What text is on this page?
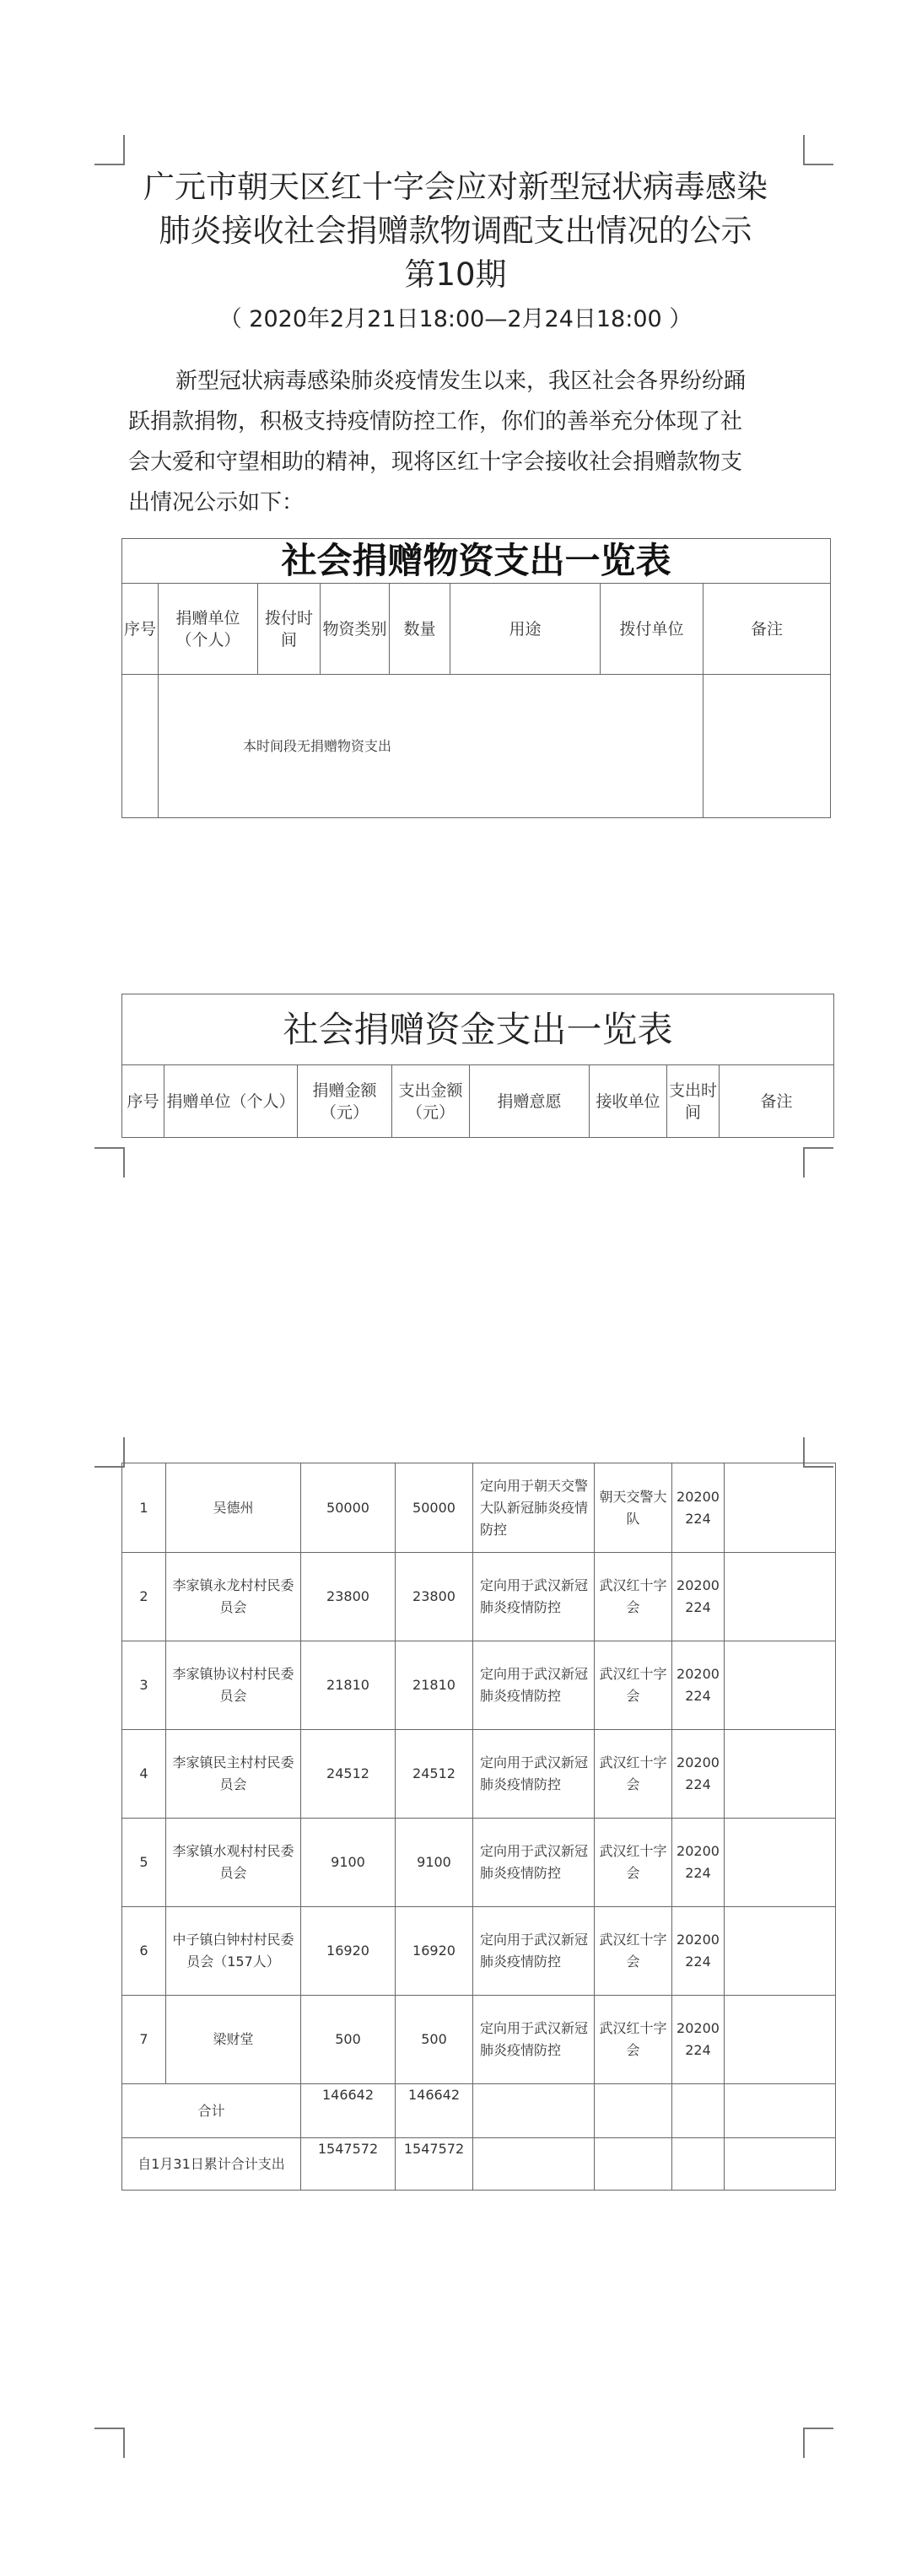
广元市朝天区红十字会应对新型冠状病毒感染
肺炎接收社会捐赠款物调配支出情况的公示
第10期
（ 2020年2月21日18:00—2月24日18:00 ）
新型冠状病毒感染肺炎疫情发生以来，我区社会各界纷纷踊
跃捐款捐物，积极支持疫情防控工作，你们的善举充分体现了社
会大爱和守望相助的精神，现将区红十字会接收社会捐赠款物支
出情况公示如下：
社会捐赠物资支出一览表							
序号	捐赠单位（个人）	拨付时间	物资类别	数量	用途	拨付单位	备注
	本时间段无捐赠物资支出						
社会捐赠资金支出一览表
序号	捐赠单位（个人）	捐赠金额（元）	支出金额（元）	捐赠意愿	接收单位	支出时间	备注
1	吴德州	50000	50000	定向用于朝天交警大队新冠肺炎疫情防控	朝天交警大队	20200224	
2	李家镇永龙村村民委员会	23800	23800	定向用于武汉新冠肺炎疫情防控	武汉红十字会	20200224	
3	李家镇协议村村民委员会	21810	21810	定向用于武汉新冠肺炎疫情防控	武汉红十字会	20200224	
4	李家镇民主村村民委员会	24512	24512	定向用于武汉新冠肺炎疫情防控	武汉红十字会	20200224	
5	李家镇水观村村民委员会	9100	9100	定向用于武汉新冠肺炎疫情防控	武汉红十字会	20200224	
6	中子镇白钟村村民委员会（157人）	16920	16920	定向用于武汉新冠肺炎疫情防控	武汉红十字会	20200224	
7	梁财堂	500	500	定向用于武汉新冠肺炎疫情防控	武汉红十字会	20200224	
合计		146642	146642				
自1月31日累计合计支出		1547572	1547572				
